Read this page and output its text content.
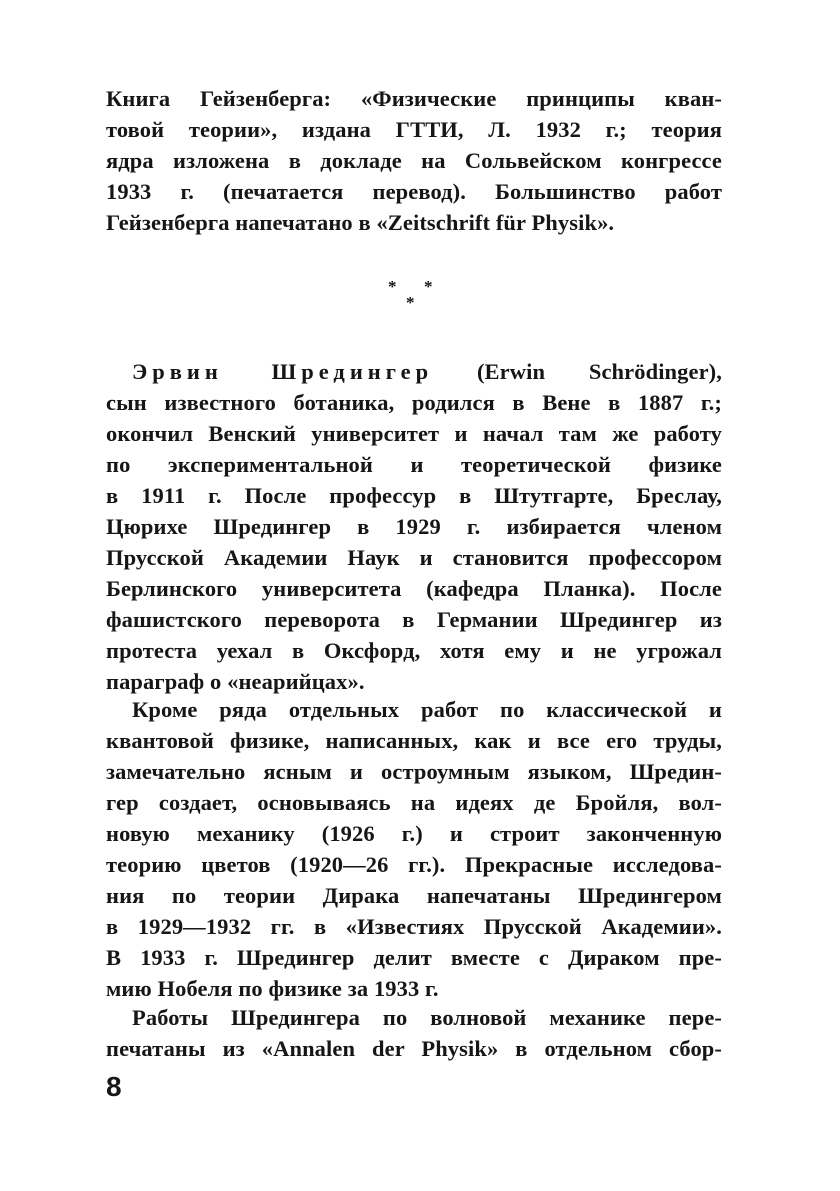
Книга Гейзенберга: «Физические принципы кван-
товой теории», издана ГТТИ, Л. 1932 г.; теория
ядра изложена в докладе на Сольвейском конгрессе
1933 г. (печатается перевод). Большинство работ
Гейзенберга напечатано в «Zeitschrift für Physik».
* *
*
Эрвин Шредингер (Erwin Schrödinger),
сын известного ботаника, родился в Вене в 1887 г.;
окончил Венский университет и начал там же работу
по экспериментальной и теоретической физике
в 1911 г. После профессур в Штутгарте, Бреслау,
Цюрихе Шредингер в 1929 г. избирается членом
Прусской Академии Наук и становится профессором
Берлинского университета (кафедра Планка). После
фашистского переворота в Германии Шредингер из
протеста уехал в Оксфорд, хотя ему и не угрожал
параграф о «неарийцах».
Кроме ряда отдельных работ по классической и
квантовой физике, написанных, как и все его труды,
замечательно ясным и остроумным языком, Шредин-
гер создает, основываясь на идеях де Бройля, вол-
новую механику (1926 г.) и строит законченную
теорию цветов (1920—26 гг.). Прекрасные исследова-
ния по теории Дирака напечатаны Шредингером
в 1929—1932 гг. в «Известиях Прусской Академии».
В 1933 г. Шредингер делит вместе с Дираком пре-
мию Нобеля по физике за 1933 г.
Работы Шредингера по волновой механике пере-
печатаны из «Annalen der Physik» в отдельном сбор-
8
